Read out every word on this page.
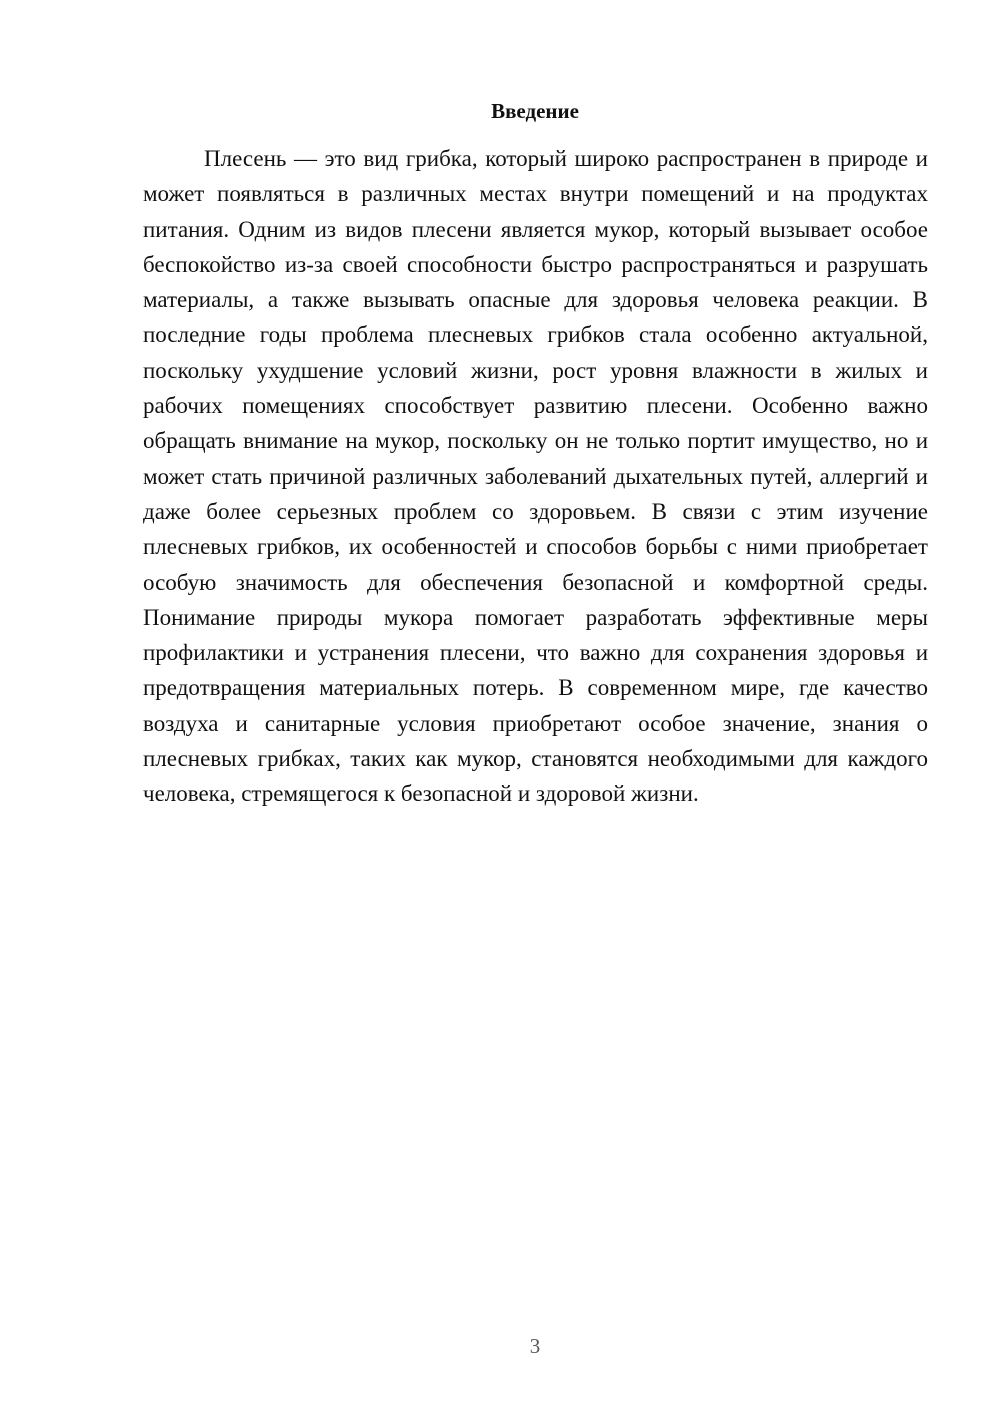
Введение

Плесень — это вид грибка, который широко распространен в природе и может появляться в различных местах внутри помещений и на продуктах питания. Одним из видов плесени является мукор, который вызывает особое беспокойство из-за своей способности быстро распространяться и разрушать материалы, а также вызывать опасные для здоровья человека реакции. В последние годы проблема плесневых грибков стала особенно актуальной, поскольку ухудшение условий жизни, рост уровня влажности в жилых и рабочих помещениях способствует развитию плесени. Особенно важно обращать внимание на мукор, поскольку он не только портит имущество, но и может стать причиной различных заболеваний дыхательных путей, аллергий и даже более серьезных проблем со здоровьем. В связи с этим изучение плесневых грибков, их особенностей и способов борьбы с ними приобретает особую значимость для обеспечения безопасной и комфортной среды. Понимание природы мукора помогает разработать эффективные меры профилактики и устранения плесени, что важно для сохранения здоровья и предотвращения материальных потерь. В современном мире, где качество воздуха и санитарные условия приобретают особое значение, знания о плесневых грибках, таких как мукор, становятся необходимыми для каждого человека, стремящегося к безопасной и здоровой жизни.

3
